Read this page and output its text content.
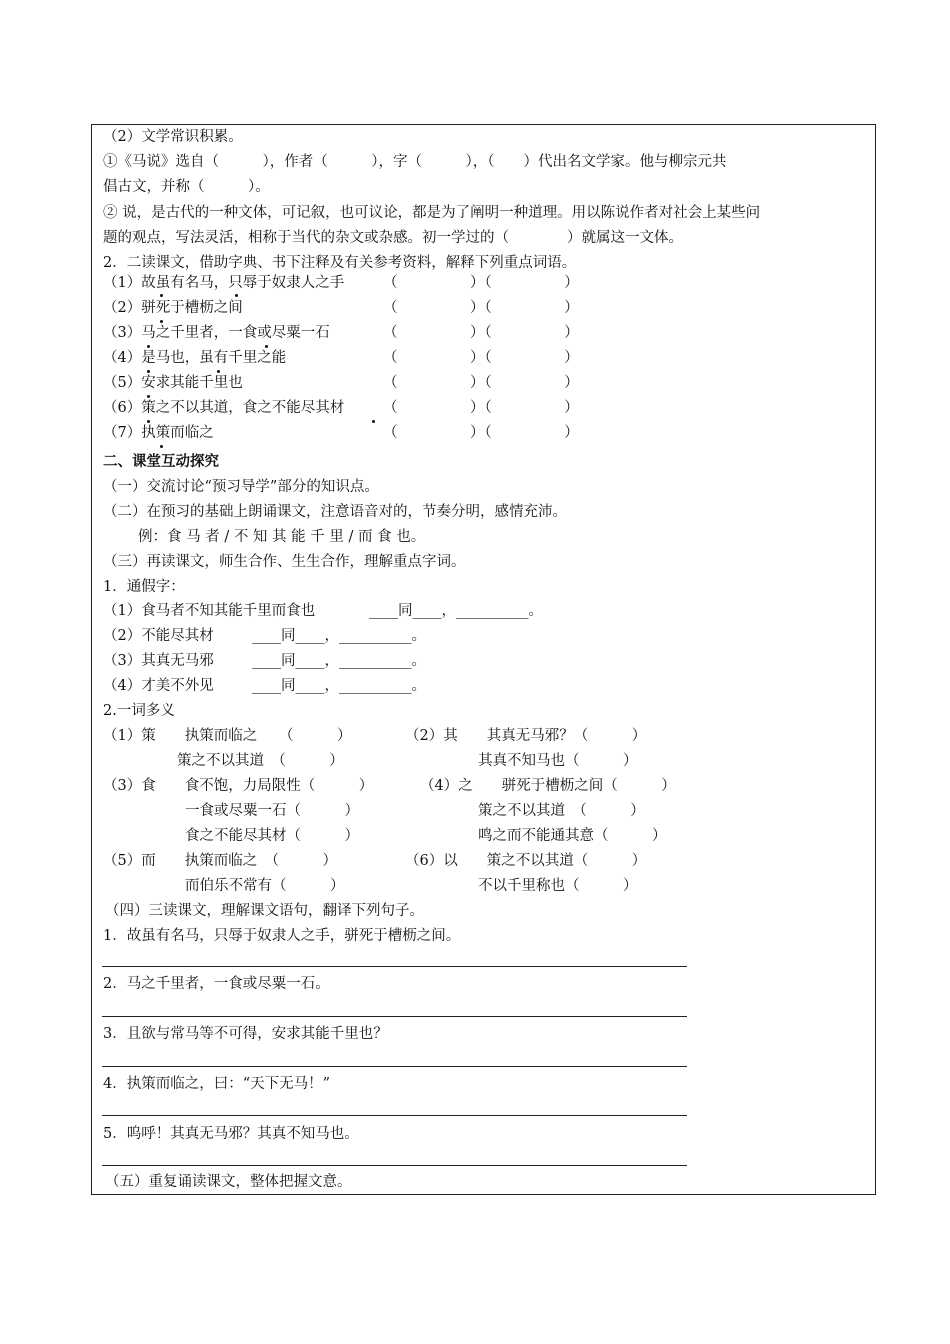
（2）文学常识积累。
①《马说》选自（　　　），作者（　　　），字（　　　），（　　）代出名文学家。他与柳宗元共
倡古文，并称（　　　）。
② 说，是古代的一种文体，可记叙，也可议论，都是为了阐明一种道理。用以陈说作者对社会上某些问
题的观点，写法灵活，相称于当代的杂文或杂感。初一学过的（　　　　）就属这一文体。
2．二读课文，借助字典、书下注释及有关参考资料，解释下列重点词语。
（1）故虽有名马，只辱于奴隶人之手	（　　　　　）（　　　　　）
（2）骈死于槽枥之间	（　　　　　）（　　　　　）
（3）马之千里者，一食或尽粟一石	（　　　　　）（　　　　　）
（4）是马也，虽有千里之能	（　　　　　）（　　　　　）
（5）安求其能千里也	（　　　　　）（　　　　　）
（6）策之不以其道，食之不能尽其材	（　　　　　）（　　　　　）
（7）执策而临之	（　　　　　）（　　　　　）
二、课堂互动探究
（一）交流讨论“预习导学”部分的知识点。
（二）在预习的基础上朗诵课文，注意语音对的，节奏分明，感情充沛。
例：食 马 者 / 不 知 其 能 千 里 / 而 食 也。
（三）再读课文，师生合作、生生合作，理解重点字词。
1．通假字：
（1）食马者不知其能千里而食也	____同____，__________。
（2）不能尽其材	____同____，__________。
（3）其真无马邪	____同____，__________。
（4）才美不外见	____同____，__________。
2.一词多义
（1）策　　执策而临之　　（　　　）	（2）其　　其真无马邪？（　　　）
策之不以其道　（　　　）	其真不知马也（　　　）
（3）食　　食不饱，力局限性（　　　）	（4）之　　骈死于槽枥之间（　　　）
一食或尽粟一石（　　　）	策之不以其道　（　　　）
食之不能尽其材（　　　）	鸣之而不能通其意（　　　）
（5）而　　执策而临之　（　　　）	（6）以　　策之不以其道（　　　）
而伯乐不常有（　　　）	不以千里称也（　　　）
（四）三读课文，理解课文语句，翻译下列句子。
1．故虽有名马，只辱于奴隶人之手，骈死于槽枥之间。
2．马之千里者，一食或尽粟一石。
3．且欲与常马等不可得，安求其能千里也？
4．执策而临之，曰：“天下无马！”
5．呜呼！其真无马邪？其真不知马也。
（五）重复诵读课文，整体把握文意。
